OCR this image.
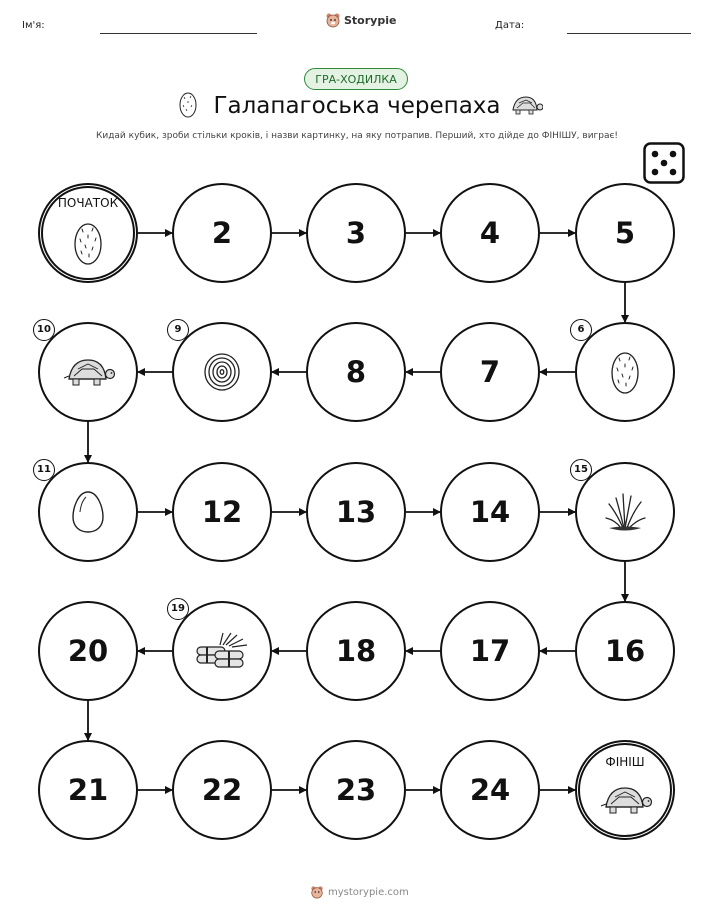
Ім'я:	Storypie	Дата:
ГРА-ХОДИЛКА
Галапагоська черепаха
Кидай кубик, зроби стільки кроків, і назви картинку, на яку потрапив. Перший, хто дійде до ФІНІШУ, виграє!
ПОЧАТОК
2	3	4	5
6
7
8
9
10
11
12	13	14
15
16
17
18
19
20
21	22	23	24
ФІНІШ
mystorypie.com
